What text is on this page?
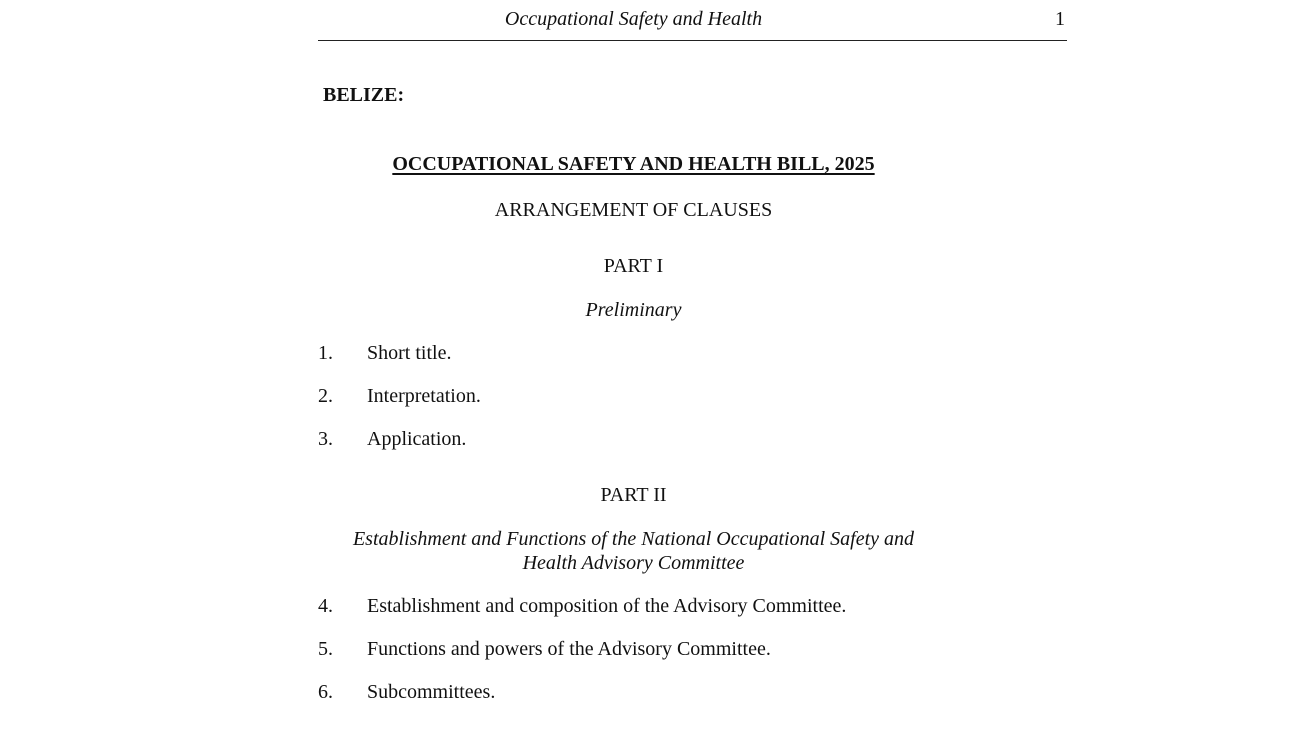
Occupational Safety and Health	1
BELIZE:
OCCUPATIONAL SAFETY AND HEALTH BILL, 2025
ARRANGEMENT OF CLAUSES
PART I
Preliminary
1. Short title.
2. Interpretation.
3. Application.
PART II
Establishment and Functions of the National Occupational Safety and
Health Advisory Committee
4. Establishment and composition of the Advisory Committee.
5. Functions and powers of the Advisory Committee.
6. Subcommittees.
